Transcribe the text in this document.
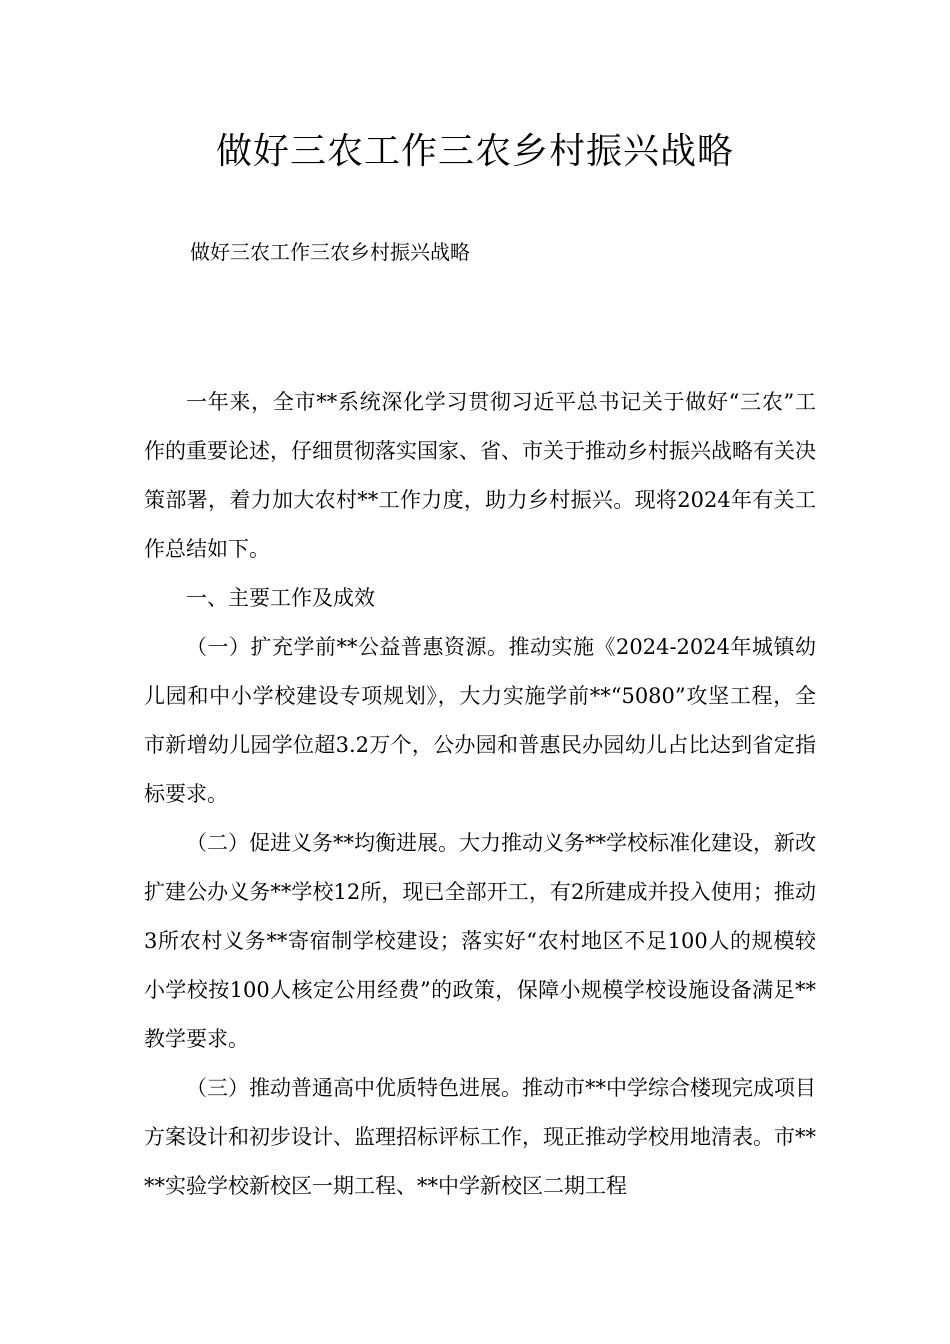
做好三农工作三农乡村振兴战略

做好三农工作三农乡村振兴战略

一年来，全市**系统深化学习贯彻习近平总书记关于做好“三农”工作的重要论述，仔细贯彻落实国家、省、市关于推动乡村振兴战略有关决策部署，着力加大农村**工作力度，助力乡村振兴。现将2024年有关工作总结如下。

一、主要工作及成效

（一）扩充学前**公益普惠资源。推动实施《2024-2024年城镇幼儿园和中小学校建设专项规划》，大力实施学前**“5080”攻坚工程，全市新增幼儿园学位超3.2万个，公办园和普惠民办园幼儿占比达到省定指标要求。

（二）促进义务**均衡进展。大力推动义务**学校标准化建设，新改扩建公办义务**学校12所，现已全部开工，有2所建成并投入使用；推动3所农村义务**寄宿制学校建设；落实好“农村地区不足100人的规模较小学校按100人核定公用经费”的政策，保障小规模学校设施设备满足**教学要求。

（三）推动普通高中优质特色进展。推动市**中学综合楼现完成项目方案设计和初步设计、监理招标评标工作，现正推动学校用地清表。市****实验学校新校区一期工程、**中学新校区二期工程
